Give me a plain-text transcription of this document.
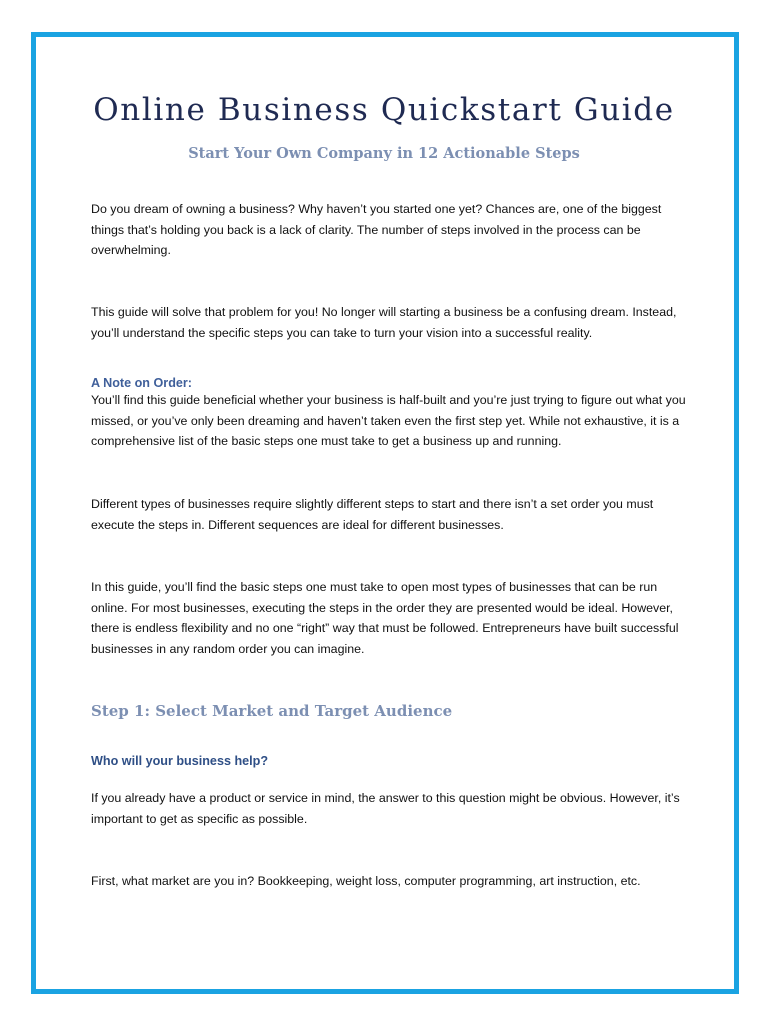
Online Business Quickstart Guide
Start Your Own Company in 12 Actionable Steps

Do you dream of owning a business? Why haven’t you started one yet? Chances are, one of the biggest things that’s holding you back is a lack of clarity. The number of steps involved in the process can be overwhelming.

This guide will solve that problem for you! No longer will starting a business be a confusing dream. Instead, you’ll understand the specific steps you can take to turn your vision into a successful reality.

A Note on Order:

You’ll find this guide beneficial whether your business is half-built and you’re just trying to figure out what you missed, or you’ve only been dreaming and haven’t taken even the first step yet. While not exhaustive, it is a comprehensive list of the basic steps one must take to get a business up and running.

Different types of businesses require slightly different steps to start and there isn’t a set order you must execute the steps in. Different sequences are ideal for different businesses.

In this guide, you’ll find the basic steps one must take to open most types of businesses that can be run online. For most businesses, executing the steps in the order they are presented would be ideal. However, there is endless flexibility and no one “right” way that must be followed. Entrepreneurs have built successful businesses in any random order you can imagine.

Step 1: Select Market and Target Audience
Who will your business help?

If you already have a product or service in mind, the answer to this question might be obvious. However, it’s important to get as specific as possible.

First, what market are you in? Bookkeeping, weight loss, computer programming, art instruction, etc.
